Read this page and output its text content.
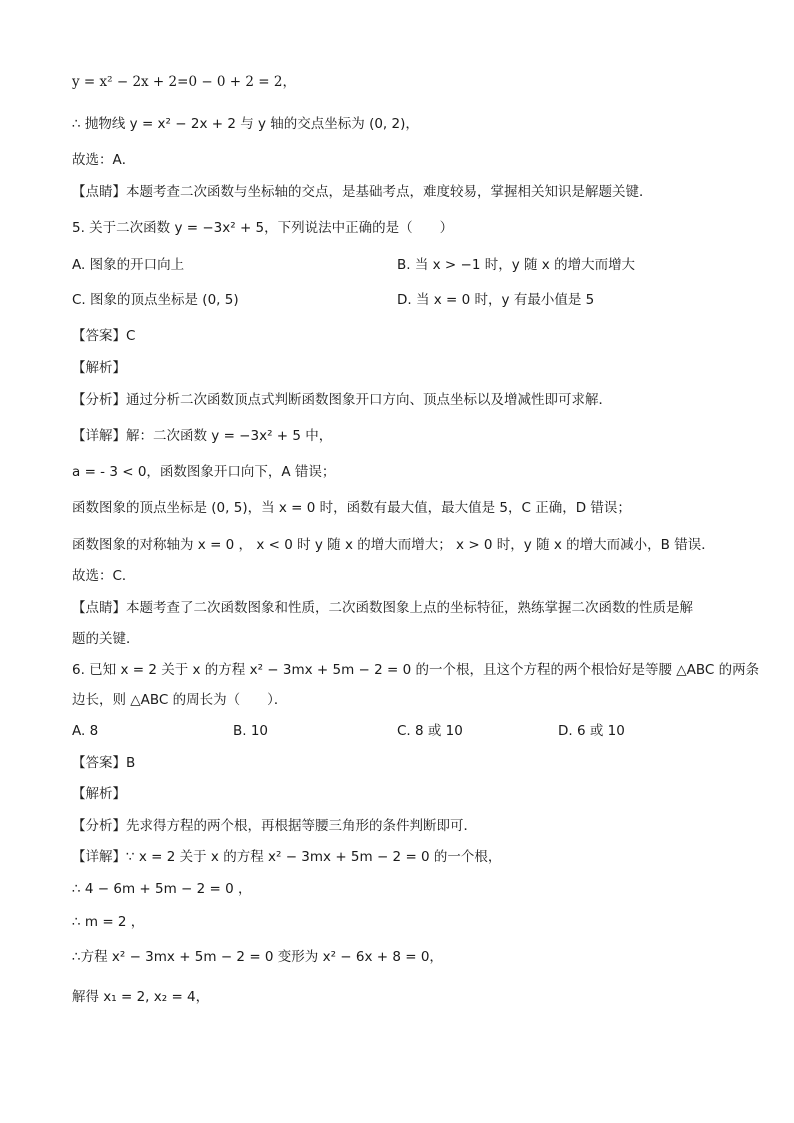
y = x² − 2x + 2=0 − 0 + 2 = 2，
∴ 抛物线 y = x² − 2x + 2 与 y 轴的交点坐标为 (0, 2)，
故选：A．
【点睛】本题考查二次函数与坐标轴的交点，是基础考点，难度较易，掌握相关知识是解题关键．
5. 关于二次函数 y = −3x² + 5，下列说法中正确的是（　　）
A. 图象的开口向上	B. 当 x > −1 时，y 随 x 的增大而增大
C. 图象的顶点坐标是 (0, 5)	D. 当 x = 0 时，y 有最小值是 5
【答案】C
【解析】
【分析】通过分析二次函数顶点式判断函数图象开口方向、顶点坐标以及增减性即可求解．
【详解】解：二次函数 y = −3x² + 5 中，
a = - 3 < 0，函数图象开口向下，A 错误；
函数图象的顶点坐标是 (0, 5)，当 x = 0 时，函数有最大值，最大值是 5，C 正确，D 错误；
函数图象的对称轴为 x = 0 ， x < 0 时 y 随 x 的增大而增大； x > 0 时，y 随 x 的增大而减小，B 错误．
故选：C．
【点睛】本题考查了二次函数图象和性质，二次函数图象上点的坐标特征，熟练掌握二次函数的性质是解
题的关键．
6. 已知 x = 2 关于 x 的方程 x² − 3mx + 5m − 2 = 0 的一个根，且这个方程的两个根恰好是等腰 △ABC 的两条
边长，则 △ABC 的周长为（　　）．
A. 8	B. 10	C. 8 或 10	D. 6 或 10
【答案】B
【解析】
【分析】先求得方程的两个根，再根据等腰三角形的条件判断即可．
【详解】∵ x = 2 关于 x 的方程 x² − 3mx + 5m − 2 = 0 的一个根，
∴ 4 − 6m + 5m − 2 = 0 ，
∴ m = 2 ，
∴方程 x² − 3mx + 5m − 2 = 0 变形为 x² − 6x + 8 = 0，
解得 x₁ = 2, x₂ = 4，
